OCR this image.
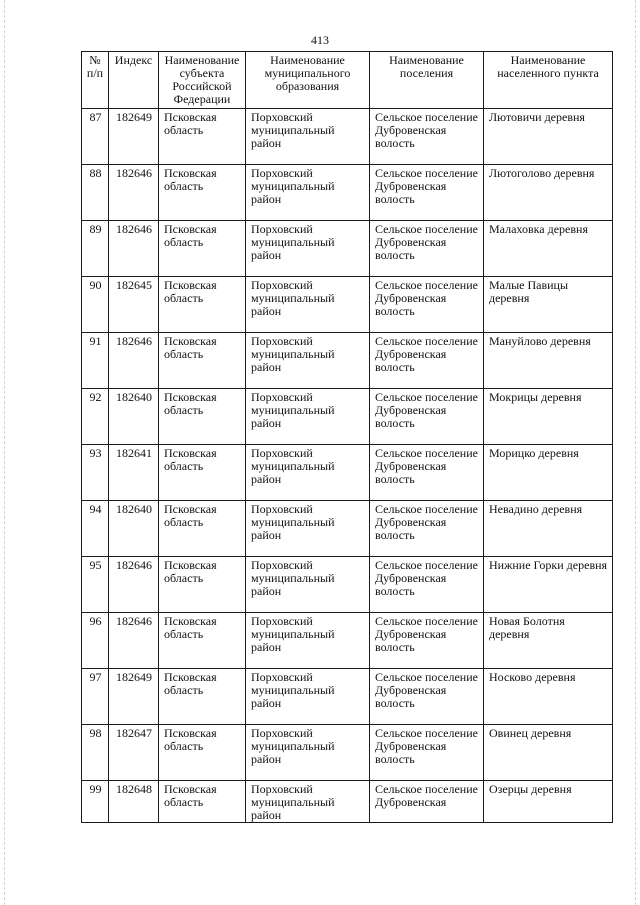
413
№ п/п	Индекс	Наименование субъекта Российской Федерации	Наименование муниципального образования	Наименование поселения	Наименование населенного пункта
87	182649	Псковская область	Порховский муниципальный район	Сельское поселение Дубровенская волость	Лютовичи деревня
88	182646	Псковская область	Порховский муниципальный район	Сельское поселение Дубровенская волость	Лютоголово деревня
89	182646	Псковская область	Порховский муниципальный район	Сельское поселение Дубровенская волость	Малаховка деревня
90	182645	Псковская область	Порховский муниципальный район	Сельское поселение Дубровенская волость	Малые Павицы деревня
91	182646	Псковская область	Порховский муниципальный район	Сельское поселение Дубровенская волость	Мануйлово деревня
92	182640	Псковская область	Порховский муниципальный район	Сельское поселение Дубровенская волость	Мокрицы деревня
93	182641	Псковская область	Порховский муниципальный район	Сельское поселение Дубровенская волость	Морицко деревня
94	182640	Псковская область	Порховский муниципальный район	Сельское поселение Дубровенская волость	Невадино деревня
95	182646	Псковская область	Порховский муниципальный район	Сельское поселение Дубровенская волость	Нижние Горки деревня
96	182646	Псковская область	Порховский муниципальный район	Сельское поселение Дубровенская волость	Новая Болотня деревня
97	182649	Псковская область	Порховский муниципальный район	Сельское поселение Дубровенская волость	Носково деревня
98	182647	Псковская область	Порховский муниципальный район	Сельское поселение Дубровенская волость	Овинец деревня
99	182648	Псковская область	Порховский муниципальный район	Сельское поселение Дубровенская	Озерцы деревня
